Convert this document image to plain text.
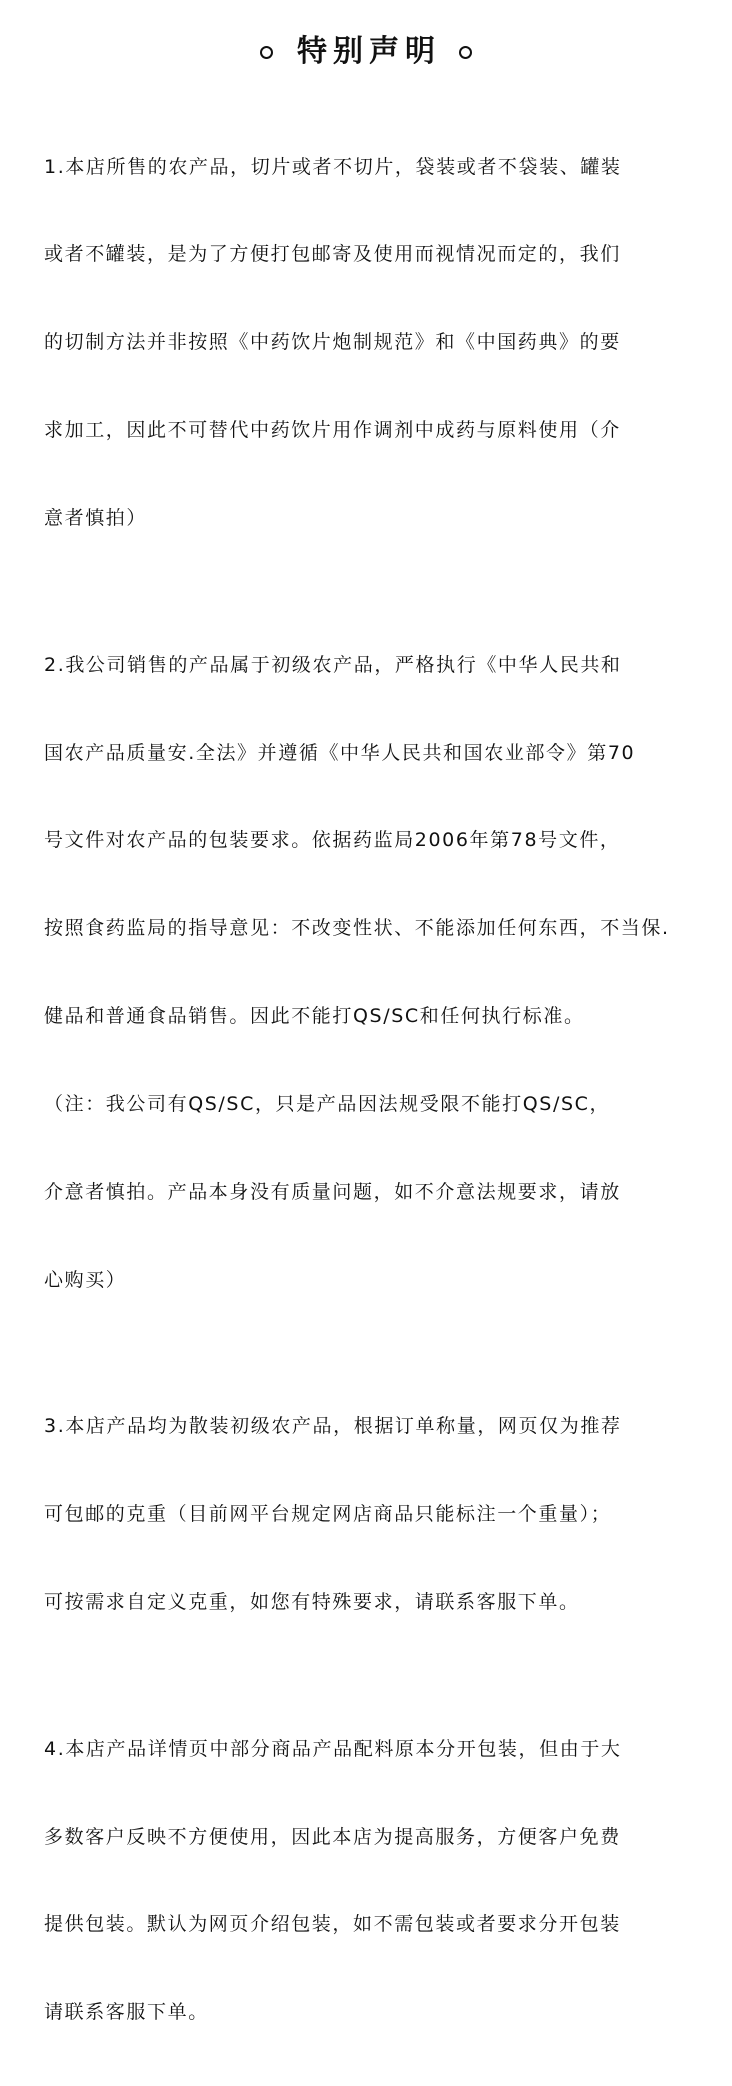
特别声明

1.本店所售的农产品，切片或者不切片，袋装或者不袋装、罐装

或者不罐装，是为了方便打包邮寄及使用而视情况而定的，我们

的切制方法并非按照《中药饮片炮制规范》和《中国药典》的要

求加工，因此不可替代中药饮片用作调剂中成药与原料使用（介

意者慎拍）

2.我公司销售的产品属于初级农产品，严格执行《中华人民共和

国农产品质量安.全法》并遵循《中华人民共和国农业部令》第70

号文件对农产品的包装要求。依据药监局2006年第78号文件，

按照食药监局的指导意见：不改变性状、不能添加任何东西，不当保.

健品和普通食品销售。因此不能打QS/SC和任何执行标准。

（注：我公司有QS/SC，只是产品因法规受限不能打QS/SC，

介意者慎拍。产品本身没有质量问题，如不介意法规要求，请放

心购买）

3.本店产品均为散装初级农产品，根据订单称量，网页仅为推荐

可包邮的克重（目前网平台规定网店商品只能标注一个重量）；

可按需求自定义克重，如您有特殊要求，请联系客服下单。

4.本店产品详情页中部分商品产品配料原本分开包装，但由于大

多数客户反映不方便使用，因此本店为提高服务，方便客户免费

提供包装。默认为网页介绍包装，如不需包装或者要求分开包装

请联系客服下单。
